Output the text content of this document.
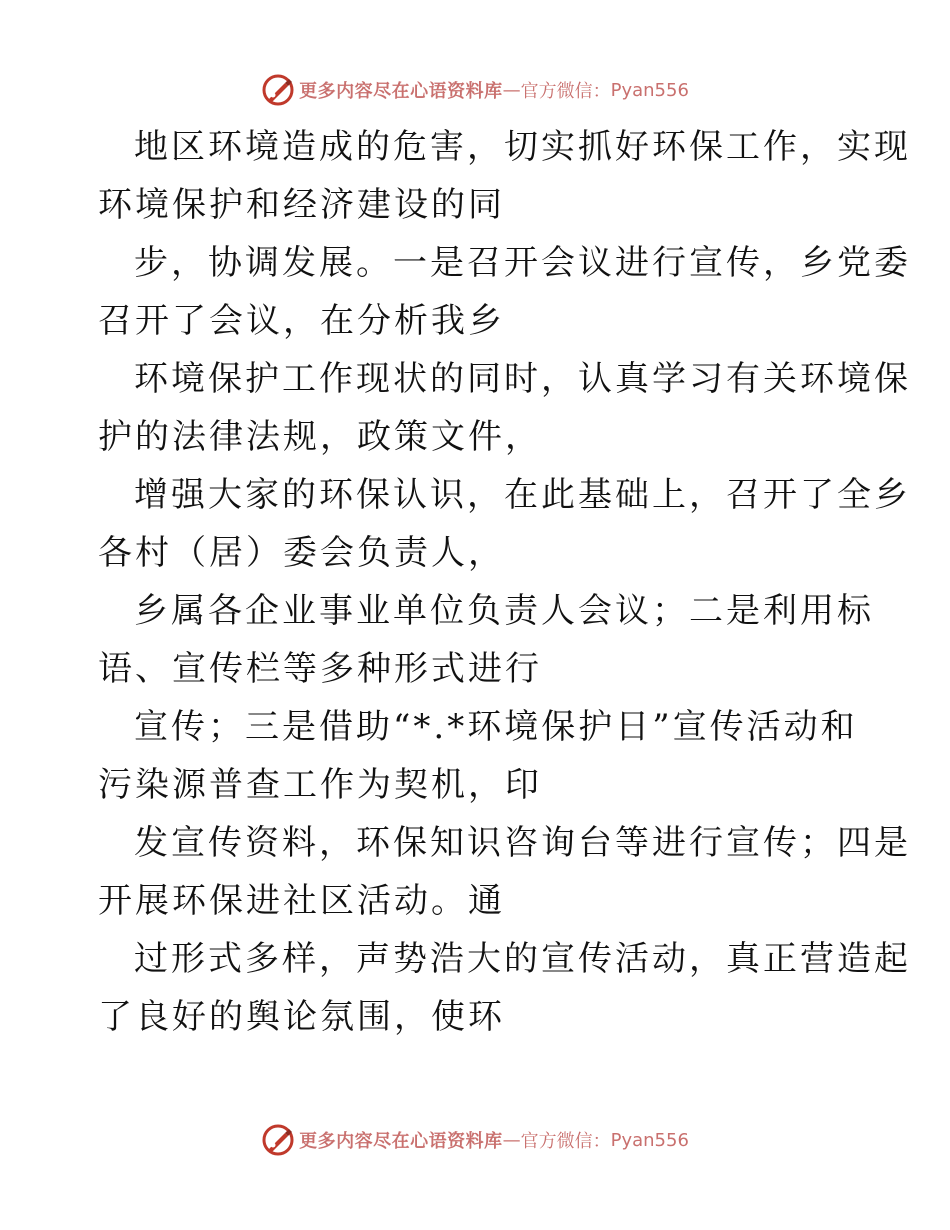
更多内容尽在心语资料库 — 官方微信： Pyan556
地区环境造成的危害，切实抓好环保工作，实现
环境保护和经济建设的同
步，协调发展。一是召开会议进行宣传，乡党委
召开了会议，在分析我乡
环境保护工作现状的同时，认真学习有关环境保
护的法律法规，政策文件，
增强大家的环保认识，在此基础上，召开了全乡
各村（居）委会负责人，
乡属各企业事业单位负责人会议；二是利用标
语、宣传栏等多种形式进行
宣传；三是借助“*.*环境保护日”宣传活动和
污染源普查工作为契机，印
发宣传资料，环保知识咨询台等进行宣传；四是
开展环保进社区活动。通
过形式多样，声势浩大的宣传活动，真正营造起
了良好的舆论氛围，使环
更多内容尽在心语资料库 — 官方微信： Pyan556
